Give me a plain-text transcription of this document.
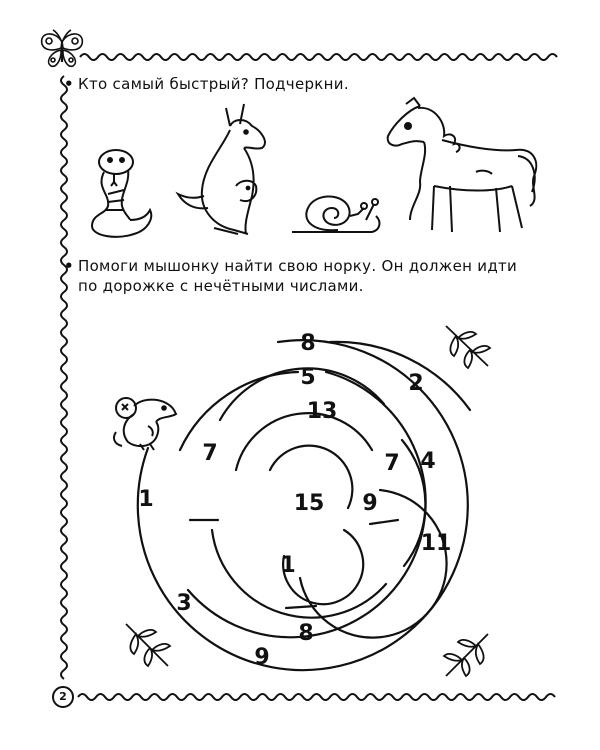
• Кто самый быстрый? Подчеркни.
• Помоги мышонку найти свою норку. Он должен идти
по дорожке с нечётными числами.
8
5	2
13
7	7 4
1	15 9
11
1
3
8
9
2
